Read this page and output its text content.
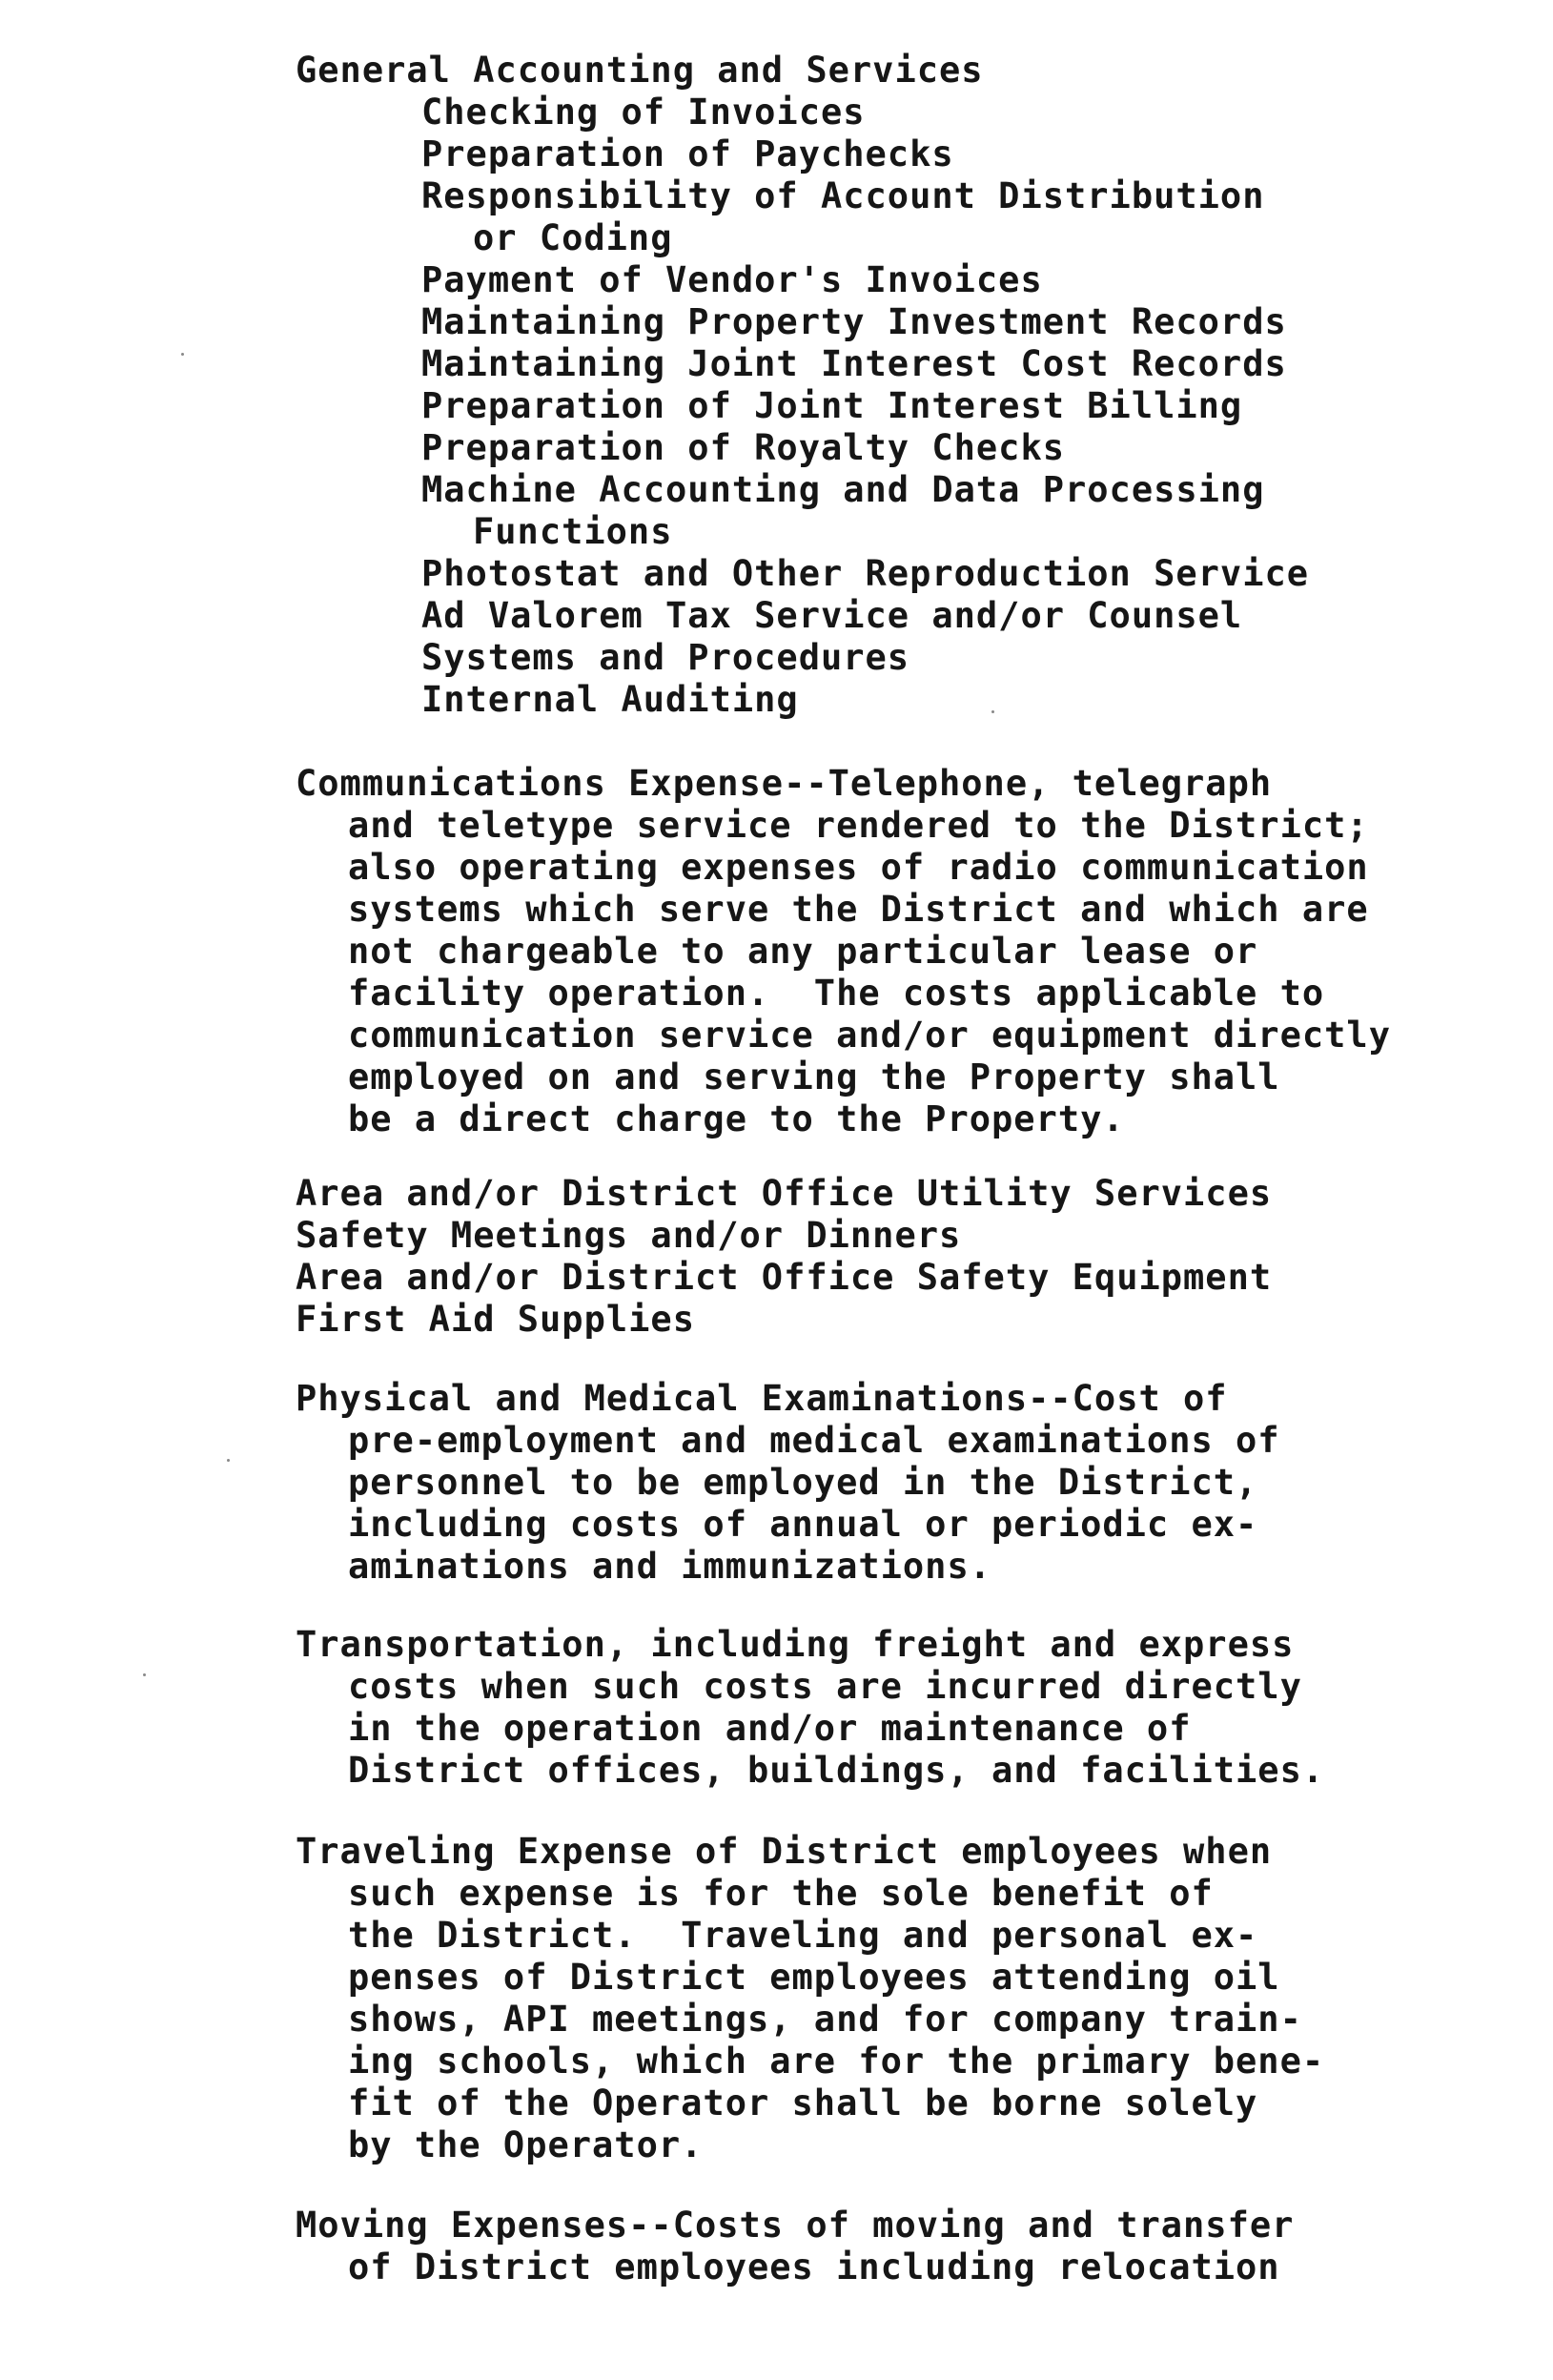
General Accounting and Services
Checking of Invoices
Preparation of Paychecks
Responsibility of Account Distribution
or Coding
Payment of Vendor's Invoices
Maintaining Property Investment Records
Maintaining Joint Interest Cost Records
Preparation of Joint Interest Billing
Preparation of Royalty Checks
Machine Accounting and Data Processing
Functions
Photostat and Other Reproduction Service
Ad Valorem Tax Service and/or Counsel
Systems and Procedures
Internal Auditing
Communications Expense--Telephone, telegraph
and teletype service rendered to the District;
also operating expenses of radio communication
systems which serve the District and which are
not chargeable to any particular lease or
facility operation.  The costs applicable to
communication service and/or equipment directly
employed on and serving the Property shall
be a direct charge to the Property.
Area and/or District Office Utility Services
Safety Meetings and/or Dinners
Area and/or District Office Safety Equipment
First Aid Supplies
Physical and Medical Examinations--Cost of
pre-employment and medical examinations of
personnel to be employed in the District,
including costs of annual or periodic ex-
aminations and immunizations.
Transportation, including freight and express
costs when such costs are incurred directly
in the operation and/or maintenance of
District offices, buildings, and facilities.
Traveling Expense of District employees when
such expense is for the sole benefit of
the District.  Traveling and personal ex-
penses of District employees attending oil
shows, API meetings, and for company train-
ing schools, which are for the primary bene-
fit of the Operator shall be borne solely
by the Operator.
Moving Expenses--Costs of moving and transfer
of District employees including relocation
